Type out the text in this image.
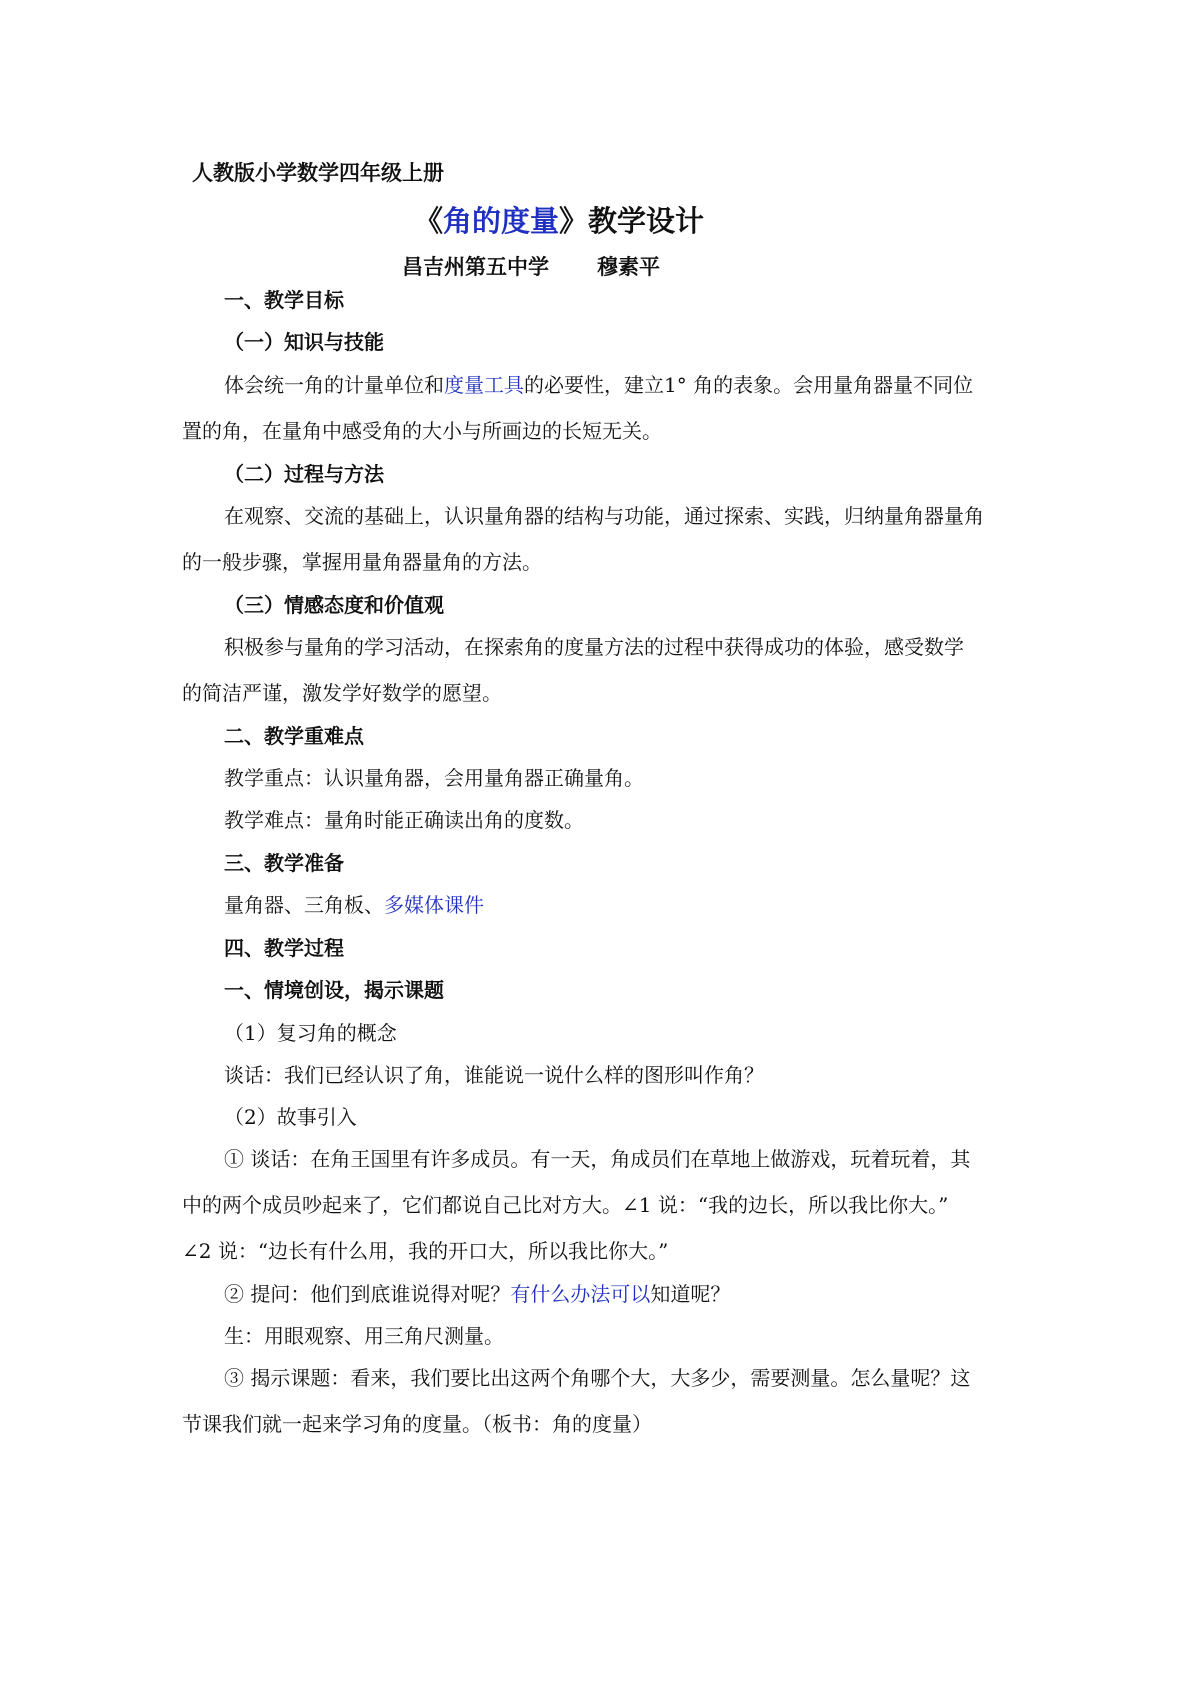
人教版小学数学四年级上册
《角的度量》教学设计
昌吉州第五中学 穆素平
一、教学目标
（一）知识与技能
体会统一角的计量单位和度量工具的必要性，建立1° 角的表象。会用量角器量不同位
置的角，在量角中感受角的大小与所画边的长短无关。
（二）过程与方法
在观察、交流的基础上，认识量角器的结构与功能，通过探索、实践，归纳量角器量角
的一般步骤，掌握用量角器量角的方法。
（三）情感态度和价值观
积极参与量角的学习活动，在探索角的度量方法的过程中获得成功的体验，感受数学
的简洁严谨，激发学好数学的愿望。
二、教学重难点
教学重点：认识量角器，会用量角器正确量角。
教学难点：量角时能正确读出角的度数。
三、教学准备
量角器、三角板、多媒体课件
四、教学过程
一、情境创设，揭示课题
（1）复习角的概念
谈话：我们已经认识了角，谁能说一说什么样的图形叫作角？
（2）故事引入
① 谈话：在角王国里有许多成员。有一天，角成员们在草地上做游戏，玩着玩着，其
中的两个成员吵起来了，它们都说自己比对方大。∠1 说：“我的边长，所以我比你大。”
∠2 说：“边长有什么用，我的开口大，所以我比你大。”
② 提问：他们到底谁说得对呢？有什么办法可以知道呢？
生：用眼观察、用三角尺测量。
③ 揭示课题：看来，我们要比出这两个角哪个大，大多少，需要测量。怎么量呢？这
节课我们就一起来学习角的度量。（板书：角的度量）
